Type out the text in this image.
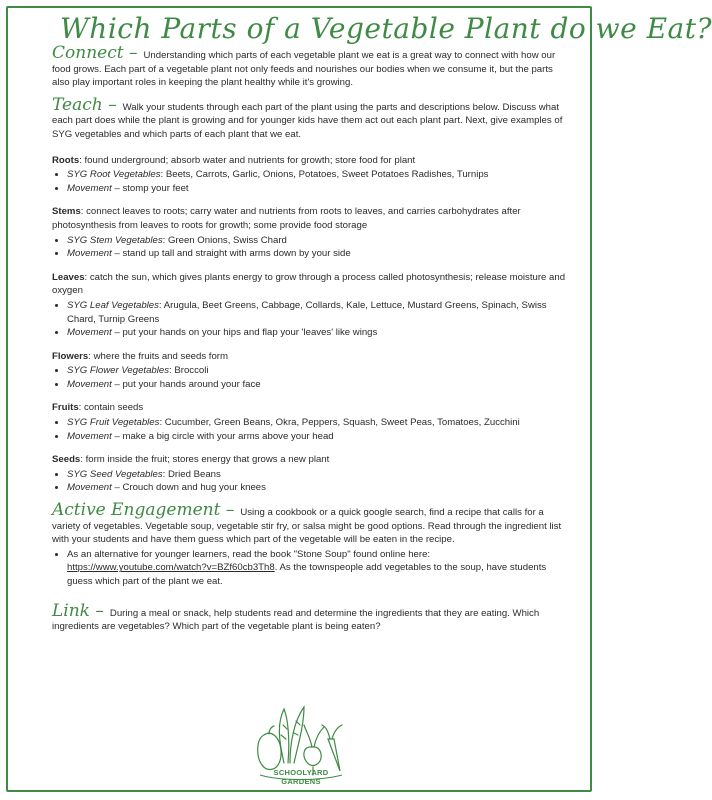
Which Parts of a Vegetable Plant do we Eat?

Connect – Understanding which parts of each vegetable plant we eat is a great way to connect with how our food grows. Each part of a vegetable plant not only feeds and nourishes our bodies when we consume it, but the parts also play important roles in keeping the plant healthy while it's growing.

Teach – Walk your students through each part of the plant using the parts and descriptions below. Discuss what each part does while the plant is growing and for younger kids have them act out each plant part. Next, give examples of SYG vegetables and which parts of each plant that we eat.

Roots: found underground; absorb water and nutrients for growth; store food for plant

• SYG Root Vegetables: Beets, Carrots, Garlic, Onions, Potatoes, Sweet Potatoes Radishes, Turnips
• Movement – stomp your feet

Stems: connect leaves to roots; carry water and nutrients from roots to leaves, and carries carbohydrates after photosynthesis from leaves to roots for growth; some provide food storage

• SYG Stem Vegetables: Green Onions, Swiss Chard
• Movement – stand up tall and straight with arms down by your side

Leaves: catch the sun, which gives plants energy to grow through a process called photosynthesis; release moisture and oxygen

• SYG Leaf Vegetables: Arugula, Beet Greens, Cabbage, Collards, Kale, Lettuce, Mustard Greens, Spinach, Swiss Chard, Turnip Greens
• Movement – put your hands on your hips and flap your 'leaves' like wings

Flowers: where the fruits and seeds form

• SYG Flower Vegetables: Broccoli
• Movement – put your hands around your face

Fruits: contain seeds

• SYG Fruit Vegetables: Cucumber, Green Beans, Okra, Peppers, Squash, Sweet Peas, Tomatoes, Zucchini
• Movement – make a big circle with your arms above your head

Seeds: form inside the fruit; stores energy that grows a new plant

• SYG Seed Vegetables: Dried Beans
• Movement – Crouch down and hug your knees

Active Engagement – Using a cookbook or a quick google search, find a recipe that calls for a variety of vegetables. Vegetable soup, vegetable stir fry, or salsa might be good options. Read through the ingredient list with your students and have them guess which part of the vegetable will be eaten in the recipe.

• As an alternative for younger learners, read the book "Stone Soup" found online here: https://www.youtube.com/watch?v=BZf60cb3Th8. As the townspeople add vegetables to the soup, have students guess which part of the plant we eat.

Link – During a meal or snack, help students read and determine the ingredients that they are eating. Which ingredients are vegetables? Which part of the vegetable plant is being eaten?

SCHOOLYARD GARDENS
